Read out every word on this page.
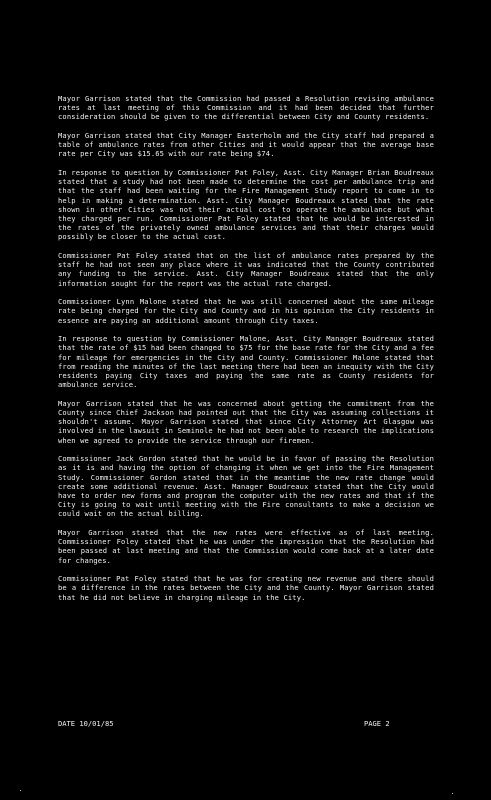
Mayor Garrison stated that the Commission had passed a Resolution revising ambulance rates at last meeting of this Commission and it had been decided that further consideration should be given to the differential between City and County residents.

Mayor Garrison stated that City Manager Easterholm and the City staff had prepared a table of ambulance rates from other Cities and it would appear that the average base rate per City was $15.65 with our rate being $74.

In response to question by Commissioner Pat Foley, Asst. City Manager Brian Boudreaux stated that a study had not been made to determine the cost per ambulance trip and that the staff had been waiting for the Fire Management Study report to come in to help in making a determination. Asst. City Manager Boudreaux stated that the rate shown in other Cities was not their actual cost to operate the ambulance but what they charged per run. Commissioner Pat Foley stated that he would be interested in the rates of the privately owned ambulance services and that their charges would possibly be closer to the actual cost.

Commissioner Pat Foley stated that on the list of ambulance rates prepared by the staff he had not seen any place where it was indicated that the County contributed any funding to the service. Asst. City Manager Boudreaux stated that the only information sought for the report was the actual rate charged.

Commissioner Lynn Malone stated that he was still concerned about the same mileage rate being charged for the City and County and in his opinion the City residents in essence are paying an additional amount through City taxes.

In response to question by Commissioner Malone, Asst. City Manager Boudreaux stated that the rate of $15 had been changed to $75 for the base rate for the City and a fee for mileage for emergencies in the City and County. Commissioner Malone stated that from reading the minutes of the last meeting there had been an inequity with the City residents paying City taxes and paying the same rate as County residents for ambulance service.

Mayor Garrison stated that he was concerned about getting the commitment from the County since Chief Jackson had pointed out that the City was assuming collections it shouldn't assume. Mayor Garrison stated that since City Attorney Art Glasgow was involved in the lawsuit in Seminole he had not been able to research the implications when we agreed to provide the service through our firemen.

Commissioner Jack Gordon stated that he would be in favor of passing the Resolution as it is and having the option of changing it when we get into the Fire Management Study. Commissioner Gordon stated that in the meantime the new rate change would create some additional revenue. Asst. Manager Boudreaux stated that the City would have to order new forms and program the computer with the new rates and that if the City is going to wait until meeting with the Fire consultants to make a decision we could wait on the actual billing.

Mayor Garrison stated that the new rates were effective as of last meeting. Commissioner Foley stated that he was under the impression that the Resolution had been passed at last meeting and that the Commission would come back at a later date for changes.

Commissioner Pat Foley stated that he was for creating new revenue and there should be a difference in the rates between the City and the County. Mayor Garrison stated that he did not believe in charging mileage in the City.

DATE 10/01/85	PAGE 2
